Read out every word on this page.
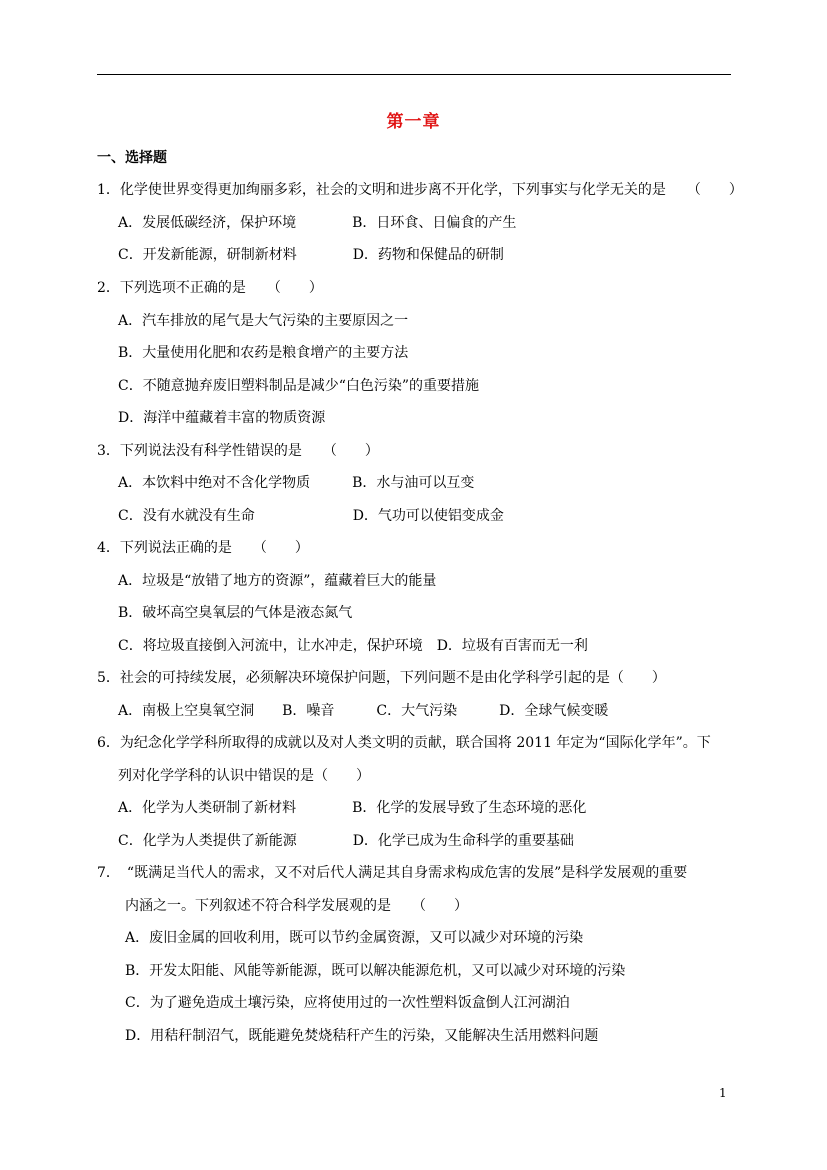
第一章
一、选择题
1．化学使世界变得更加绚丽多彩，社会的文明和进步离不开化学，下列事实与化学无关的是　　（　　）
A．发展低碳经济，保护环境　　　　B．日环食、日偏食的产生
C．开发新能源，研制新材料　　　　D．药物和保健品的研制
2．下列选项不正确的是　　（　　）
A．汽车排放的尾气是大气污染的主要原因之一
B．大量使用化肥和农药是粮食增产的主要方法
C．不随意抛弃废旧塑料制品是减少“白色污染”的重要措施
D．海洋中蕴藏着丰富的物质资源
3．下列说法没有科学性错误的是　　（　　）
A．本饮料中绝对不含化学物质　　　B．水与油可以互变
C．没有水就没有生命　　　　　　　D．气功可以使铝变成金
4．下列说法正确的是　　（　　）
A．垃圾是“放错了地方的资源”，蕴藏着巨大的能量
B．破坏高空臭氧层的气体是液态氮气
C．将垃圾直接倒入河流中，让水冲走，保护环境　D．垃圾有百害而无一利
5．社会的可持续发展，必须解决环境保护问题，下列问题不是由化学科学引起的是（　　）
A．南极上空臭氧空洞　　B．噪音　　　C．大气污染　　　D．全球气候变暖
6．为纪念化学学科所取得的成就以及对人类文明的贡献，联合国将 2011 年定为“国际化学年”。下
列对化学学科的认识中错误的是（　　）
A．化学为人类研制了新材料　　　　B．化学的发展导致了生态环境的恶化
C．化学为人类提供了新能源　　　　D．化学已成为生命科学的重要基础
7．　“既满足当代人的需求，又不对后代人满足其自身需求构成危害的发展”是科学发展观的重要
内涵之一。下列叙述不符合科学发展观的是　　（　　）
A．废旧金属的回收利用，既可以节约金属资源，又可以减少对环境的污染
B．开发太阳能、风能等新能源，既可以解决能源危机，又可以减少对环境的污染
C．为了避免造成土壤污染，应将使用过的一次性塑料饭盒倒人江河湖泊
D．用秸秆制沼气，既能避免焚烧秸秆产生的污染，又能解决生活用燃料问题
1
